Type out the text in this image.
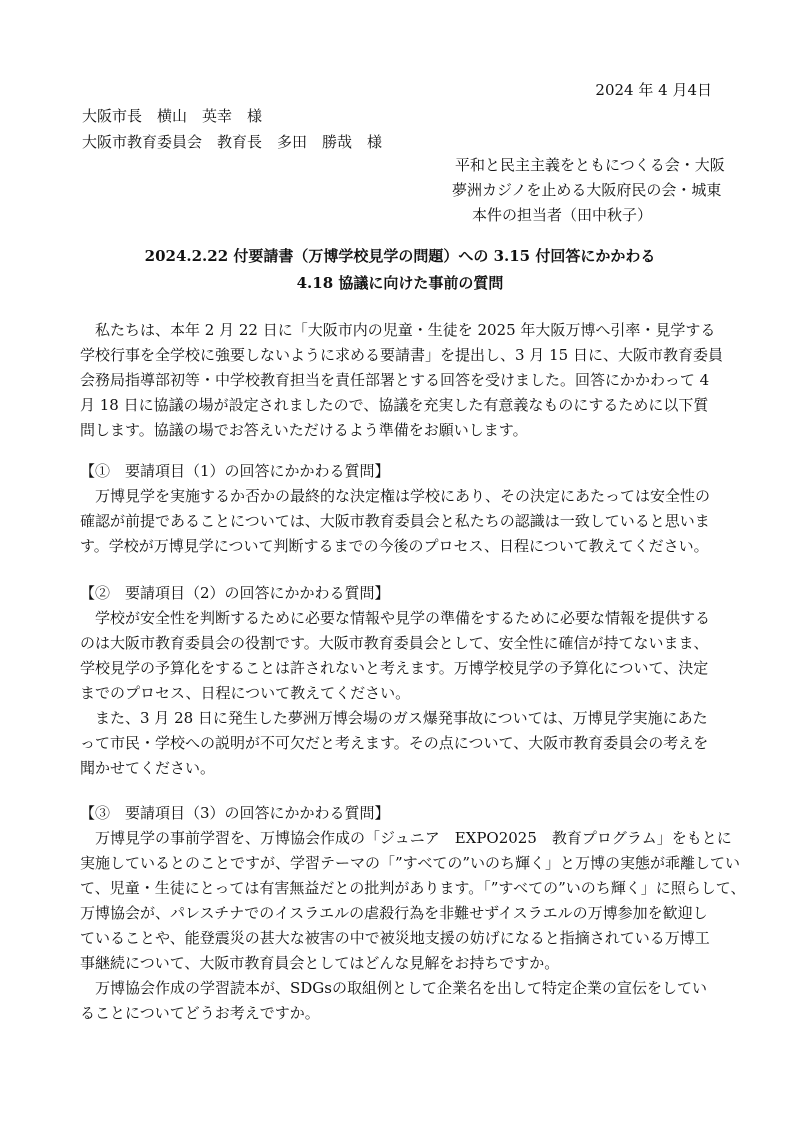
2024 年 4 月4日
大阪市長　横山　英幸　様
大阪市教育委員会　教育長　多田　勝哉　様
平和と民主主義をともにつくる会・大阪
夢洲カジノを止める大阪府民の会・城東
本件の担当者（田中秋子）
2024.2.22 付要請書（万博学校見学の問題）への 3.15 付回答にかかわる
4.18 協議に向けた事前の質問
　私たちは、本年 2 月 22 日に「大阪市内の児童・生徒を 2025 年大阪万博へ引率・見学する
学校行事を全学校に強要しないように求める要請書」を提出し、3 月 15 日に、大阪市教育委員
会務局指導部初等・中学校教育担当を責任部署とする回答を受けました。回答にかかわって 4
月 18 日に協議の場が設定されましたので、協議を充実した有意義なものにするために以下質
問します。協議の場でお答えいただけるよう準備をお願いします。
【①　要請項目（1）の回答にかかわる質問】
　万博見学を実施するか否かの最終的な決定権は学校にあり、その決定にあたっては安全性の
確認が前提であることについては、大阪市教育委員会と私たちの認識は一致していると思いま
す。学校が万博見学について判断するまでの今後のプロセス、日程について教えてください。
【②　要請項目（2）の回答にかかわる質問】
　学校が安全性を判断するために必要な情報や見学の準備をするために必要な情報を提供する
のは大阪市教育委員会の役割です。大阪市教育委員会として、安全性に確信が持てないまま、
学校見学の予算化をすることは許されないと考えます。万博学校見学の予算化について、決定
までのプロセス、日程について教えてください。
　また、3 月 28 日に発生した夢洲万博会場のガス爆発事故については、万博見学実施にあた
って市民・学校への説明が不可欠だと考えます。その点について、大阪市教育委員会の考えを
聞かせてください。
【③　要請項目（3）の回答にかかわる質問】
　万博見学の事前学習を、万博協会作成の「ジュニア　EXPO2025　教育プログラム」をもとに
実施しているとのことですが、学習テーマの「”すべての”いのち輝く」と万博の実態が乖離してい
て、児童・生徒にとっては有害無益だとの批判があります。「”すべての”いのち輝く」に照らして、
万博協会が、パレスチナでのイスラエルの虐殺行為を非難せずイスラエルの万博参加を歓迎し
ていることや、能登震災の甚大な被害の中で被災地支援の妨げになると指摘されている万博工
事継続について、大阪市教育員会としてはどんな見解をお持ちですか。
　万博協会作成の学習読本が、SDGsの取組例として企業名を出して特定企業の宣伝をしてい
ることについてどうお考えですか。
